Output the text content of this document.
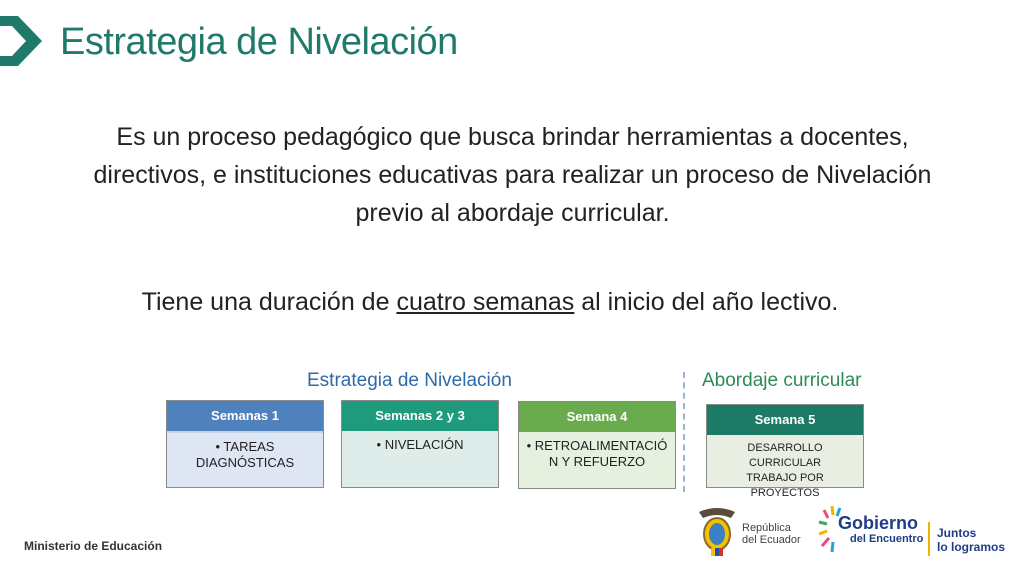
Estrategia de Nivelación
Es un proceso pedagógico que busca brindar herramientas a docentes, directivos, e instituciones educativas para realizar un proceso de Nivelación previo al abordaje curricular.
Tiene una duración de cuatro semanas al inicio del año lectivo.
Estrategia de Nivelación	Abordaje curricular
Semanas 1
• TAREAS DIAGNÓSTICAS
Semanas 2 y 3
• NIVELACIÓN
Semana 4
• RETROALIMENTACIÓ N Y REFUERZO
Semana 5
DESARROLLO CURRICULAR
TRABAJO POR PROYECTOS
Ministerio de Educación
República
del Ecuador
Gobierno
del Encuentro Juntos
lo logramos
